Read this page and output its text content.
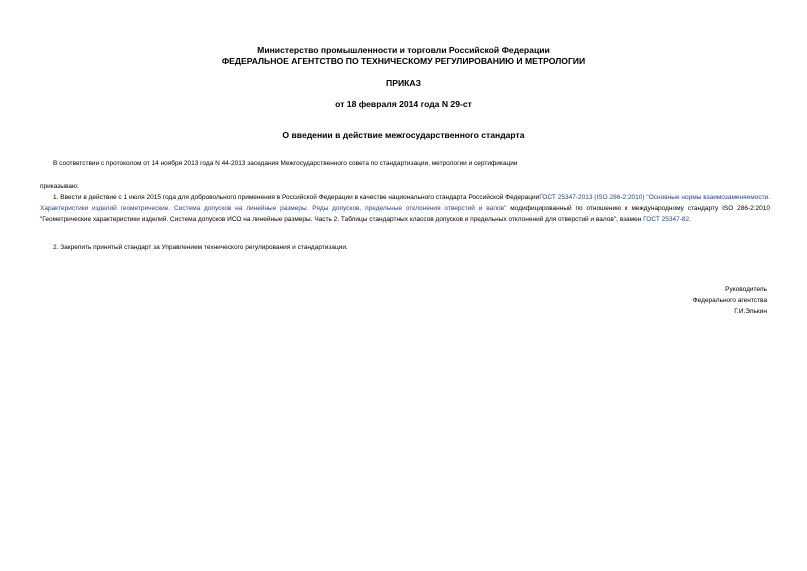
Министерство промышленности и торговли Российской Федерации
ФЕДЕРАЛЬНОЕ АГЕНТСТВО ПО ТЕХНИЧЕСКОМУ РЕГУЛИРОВАНИЮ И МЕТРОЛОГИИ
ПРИКАЗ
от 18 февраля 2014 года N 29-ст
О введении в действие межгосударственного стандарта
В соответствии с протоколом от 14 ноября 2013 года N 44-2013 заседания Межгосударственного совета по стандартизации, метрологии и сертификации
приказываю:
1. Ввести в действие с 1 июля 2015 года для добровольного применения в Российской Федерации в качестве национального стандарта Российской ФедерацииГОСТ 25347-2013 (ISO 286-2:2010) "Основные нормы взаимозаменяемости. Характеристики изделий геометрические. Система допусков на линейные размеры. Ряды допусков, предельные отклонения отверстий и валов" модифицированный по отношению к международному стандарту ISO 286-2:2010 "Геометрические характеристики изделий. Система допусков ИСО на линейные размеры. Часть 2. Таблицы стандартных классов допусков и предельных отклонений для отверстий и валов", взамен ГОСТ 25347-82.
2. Закрепить принятый стандарт за Управлением технического регулирования и стандартизации.
Руководитель
Федерального агентства
Г.И.Элькин
